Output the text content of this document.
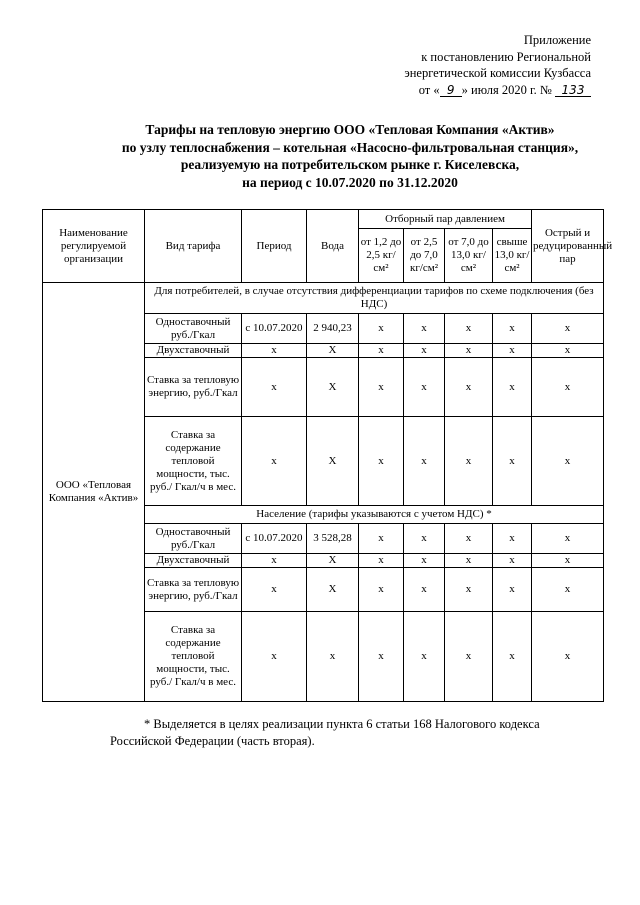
Приложение
к постановлению Региональной
энергетической комиссии Кузбасса
от « 9 » июля 2020 г. № 133
Тарифы на тепловую энергию ООО «Тепловая Компания «Актив»
по узлу теплоснабжения – котельная «Насосно-фильтровальная станция»,
реализуемую на потребительском рынке г. Киселевска,
на период с 10.07.2020 по 31.12.2020
Наименование регулируемой организации	Вид тарифа	Период	Вода	Отборный пар давлением				Острый и редуцированный пар
				от 1,2 до 2,5 кг/см²	от 2,5 до 7,0 кг/см²	от 7,0 до 13,0 кг/см²	свыше 13,0 кг/см²	
ООО «Тепловая Компания «Актив»	Для потребителей, в случае отсутствия дифференциации тарифов по схеме подключения (без НДС)							
	Одноставочный руб./Гкал	с 10.07.2020	2 940,23	x	x	x	x	x
	Двухставочный	x	X	x	x	x	x	x
	Ставка за тепловую энергию, руб./Гкал	x	X	x	x	x	x	x
	Ставка за содержание тепловой мощности, тыс. руб./ Гкал/ч в мес.	x	X	x	x	x	x	x
	Население (тарифы указываются с учетом НДС) *							
	Одноставочный руб./Гкал	с 10.07.2020	3 528,28	x	x	x	x	x
	Двухставочный	x	X	x	x	x	x	x
	Ставка за тепловую энергию, руб./Гкал	x	X	x	x	x	x	x
	Ставка за содержание тепловой мощности, тыс. руб./ Гкал/ч в мес.	x	x	x	x	x	x	x
* Выделяется в целях реализации пункта 6 статьи 168 Налогового кодекса
Российской Федерации (часть вторая).
